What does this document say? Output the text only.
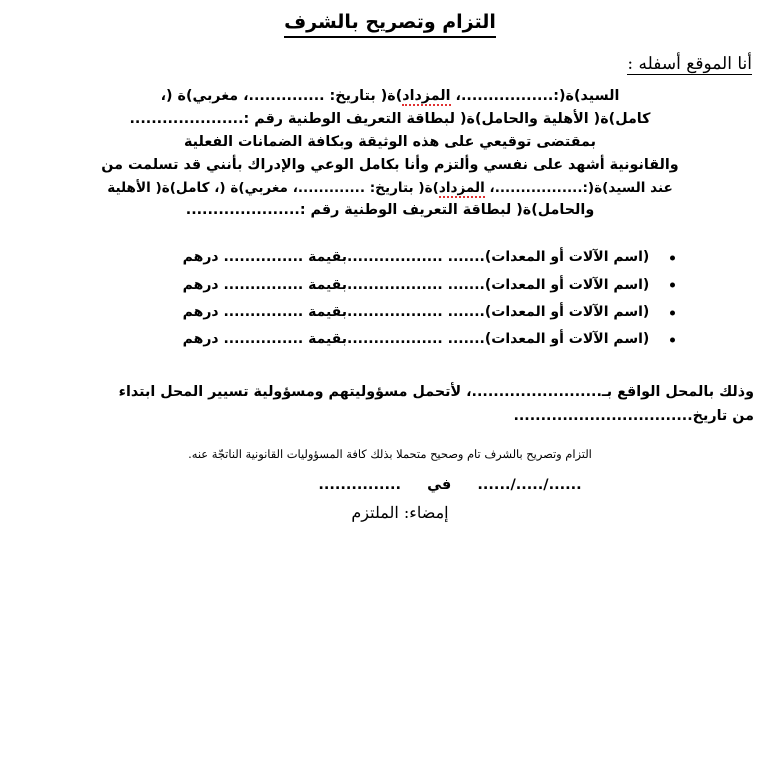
التزام وتصريح بالشرف
أنا الموقع أسفله :
السيد)ة(:.................، المزداد)ة( بتاريخ: ..............، مغربي)ة (،
كامل)ة( الأهلية والحامل)ة( لبطاقة التعريف الوطنية رقم :.....................
بمقتضى توقيعي على هذه الوثيقة وبكافة الضمانات الفعلية
والقانونية أشهد على نفسي وألتزم وأنا بكامل الوعي والإدراك بأنني قد تسلمت من
عند السيد)ة(:.................، المزداد)ة( بتاريخ: .............، مغربي)ة (، كامل)ة( الأهلية
والحامل)ة( لبطاقة التعريف الوطنية رقم :.....................
(اسم الآلات أو المعدات)....... ..................بقيمة ............... درهم
(اسم الآلات أو المعدات)....... ..................بقيمة ............... درهم
(اسم الآلات أو المعدات)....... ..................بقيمة ............... درهم
(اسم الآلات أو المعدات)....... ..................بقيمة ............... درهم
وذلك بالمحل الواقع بـ........................، لأتحمل مسؤوليتهم ومسؤولية تسيير المحل ابتداء
من تاريخ.................................
التزام وتصريح بالشرف تام وصحيح متحملا بذلك كافة المسؤوليات القانونية الناتجّة عنه.
....../...../......  في  ...............
إمضاء: الملتزم
